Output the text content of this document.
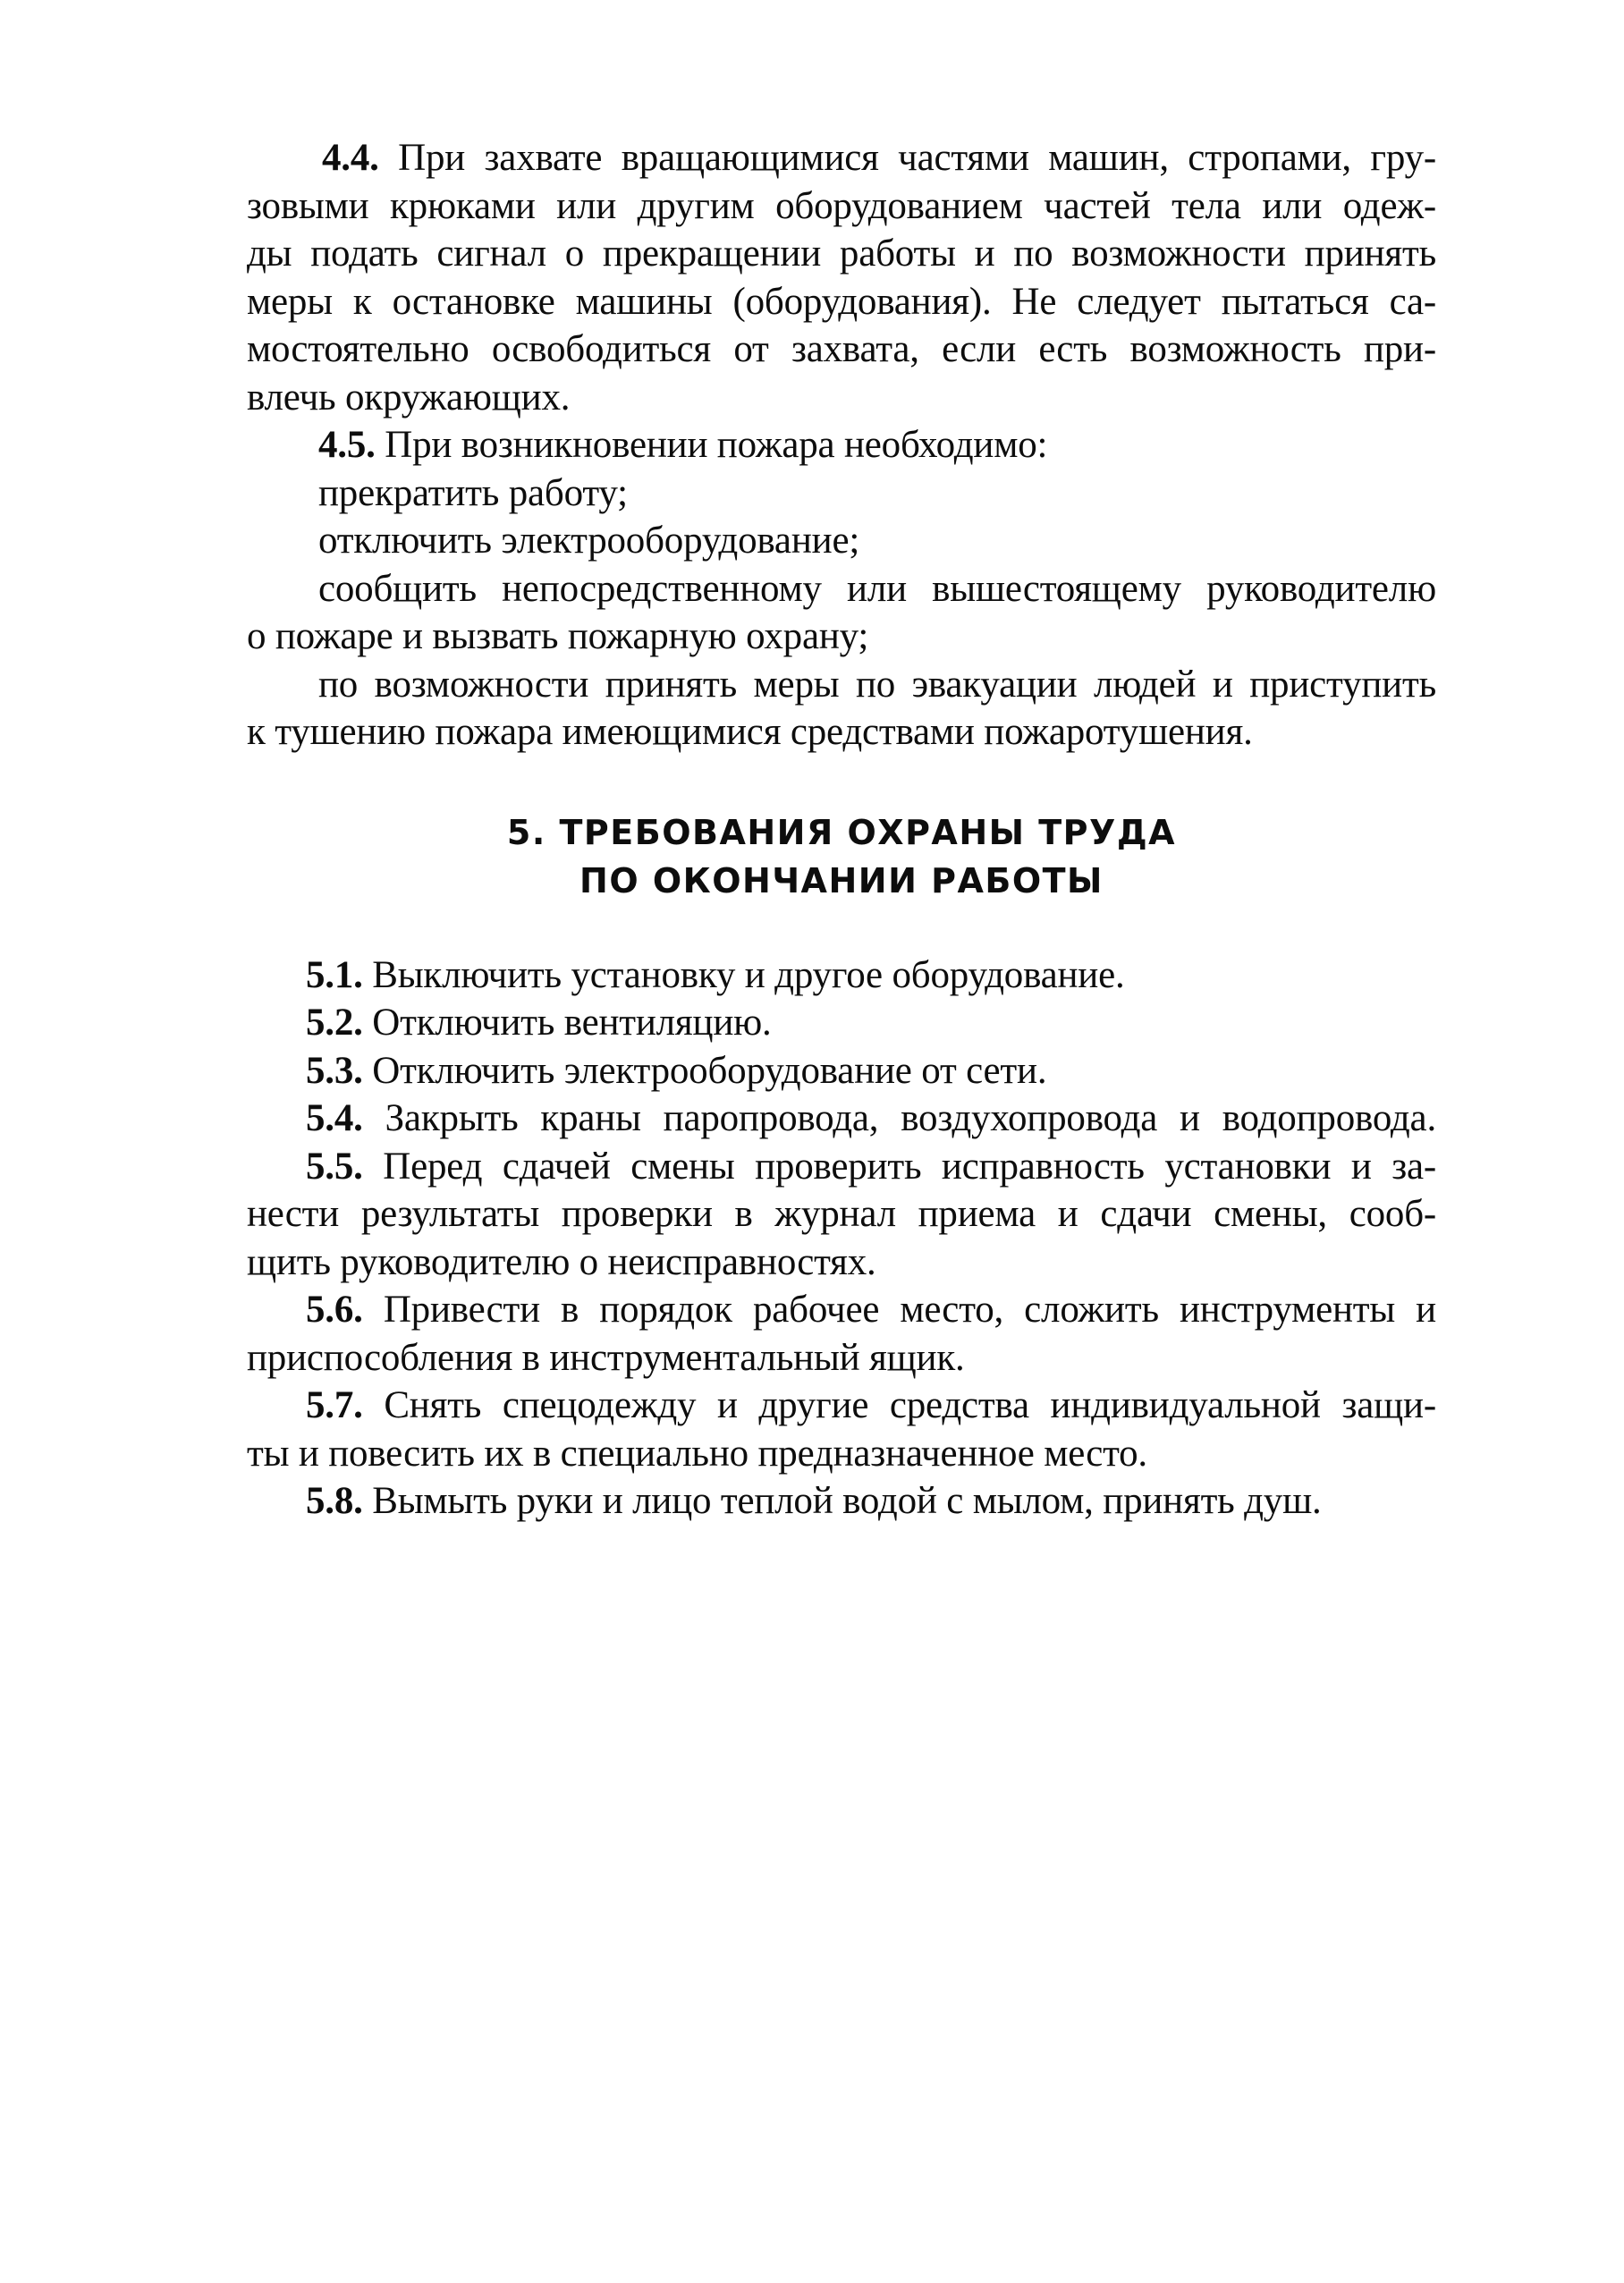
4.4. При захвате вращающимися частями машин, стропами, гру-
зовыми крюками или другим оборудованием частей тела или одеж-
ды подать сигнал о прекращении работы и по возможности принять
меры к остановке машины (оборудования). Не следует пытаться са-
мостоятельно освободиться от захвата, если есть возможность при-
влечь окружающих.
4.5. При возникновении пожара необходимо:
прекратить работу;
отключить электрооборудование;
сообщить непосредственному или вышестоящему руководителю
о пожаре и вызвать пожарную охрану;
по возможности принять меры по эвакуации людей и приступить
к тушению пожара имеющимися средствами пожаротушения.
5. ТРЕБОВАНИЯ ОХРАНЫ ТРУДА
ПО ОКОНЧАНИИ РАБОТЫ
5.1. Выключить установку и другое оборудование.
5.2. Отключить вентиляцию.
5.3. Отключить электрооборудование от сети.
5.4. Закрыть краны паропровода, воздухопровода и водопровода.
5.5. Перед сдачей смены проверить исправность установки и за-
нести результаты проверки в журнал приема и сдачи смены, сооб-
щить руководителю о неисправностях.
5.6. Привести в порядок рабочее место, сложить инструменты и
приспособления в инструментальный ящик.
5.7. Снять спецодежду и другие средства индивидуальной защи-
ты и повесить их в специально предназначенное место.
5.8. Вымыть руки и лицо теплой водой с мылом, принять душ.
